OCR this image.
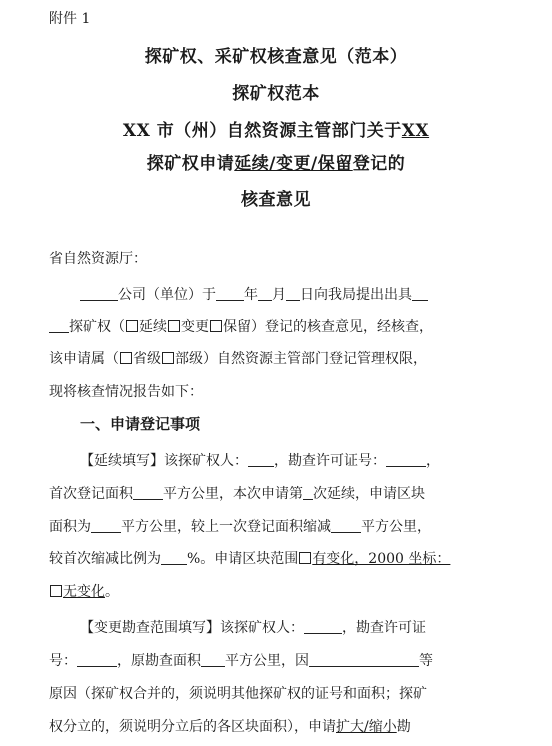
附件 1
探矿权、采矿权核查意见（范本）
探矿权范本
XX 市（州）自然资源主管部门关于XX
探矿权申请延续/变更/保留登记的
核查意见
省自然资源厅：
公司（单位）于 年 月 日向我局提出出具
探矿权（ 延续 变更 保留）登记的核查意见，经核查，
该申请属（ 省级 部级）自然资源主管部门登记管理权限，
现将核查情况报告如下：
一、申请登记事项
【延续填写】该探矿权人： ，勘查许可证号：	，
首次登记面积 平方公里，本次申请第 次延续，申请区块
面积为 平方公里，较上一次登记面积缩减 平方公里，
较首次缩减比例为 %。申请区块范围 有变化，2000 坐标：
无变化。
【变更勘查范围填写】该探矿权人：	，勘查许可证
号：	，原勘查面积 平方公里，因	等
原因（探矿权合并的，须说明其他探矿权的证号和面积；探矿
权分立的，须说明分立后的各区块面积），申请扩大/缩小勘
